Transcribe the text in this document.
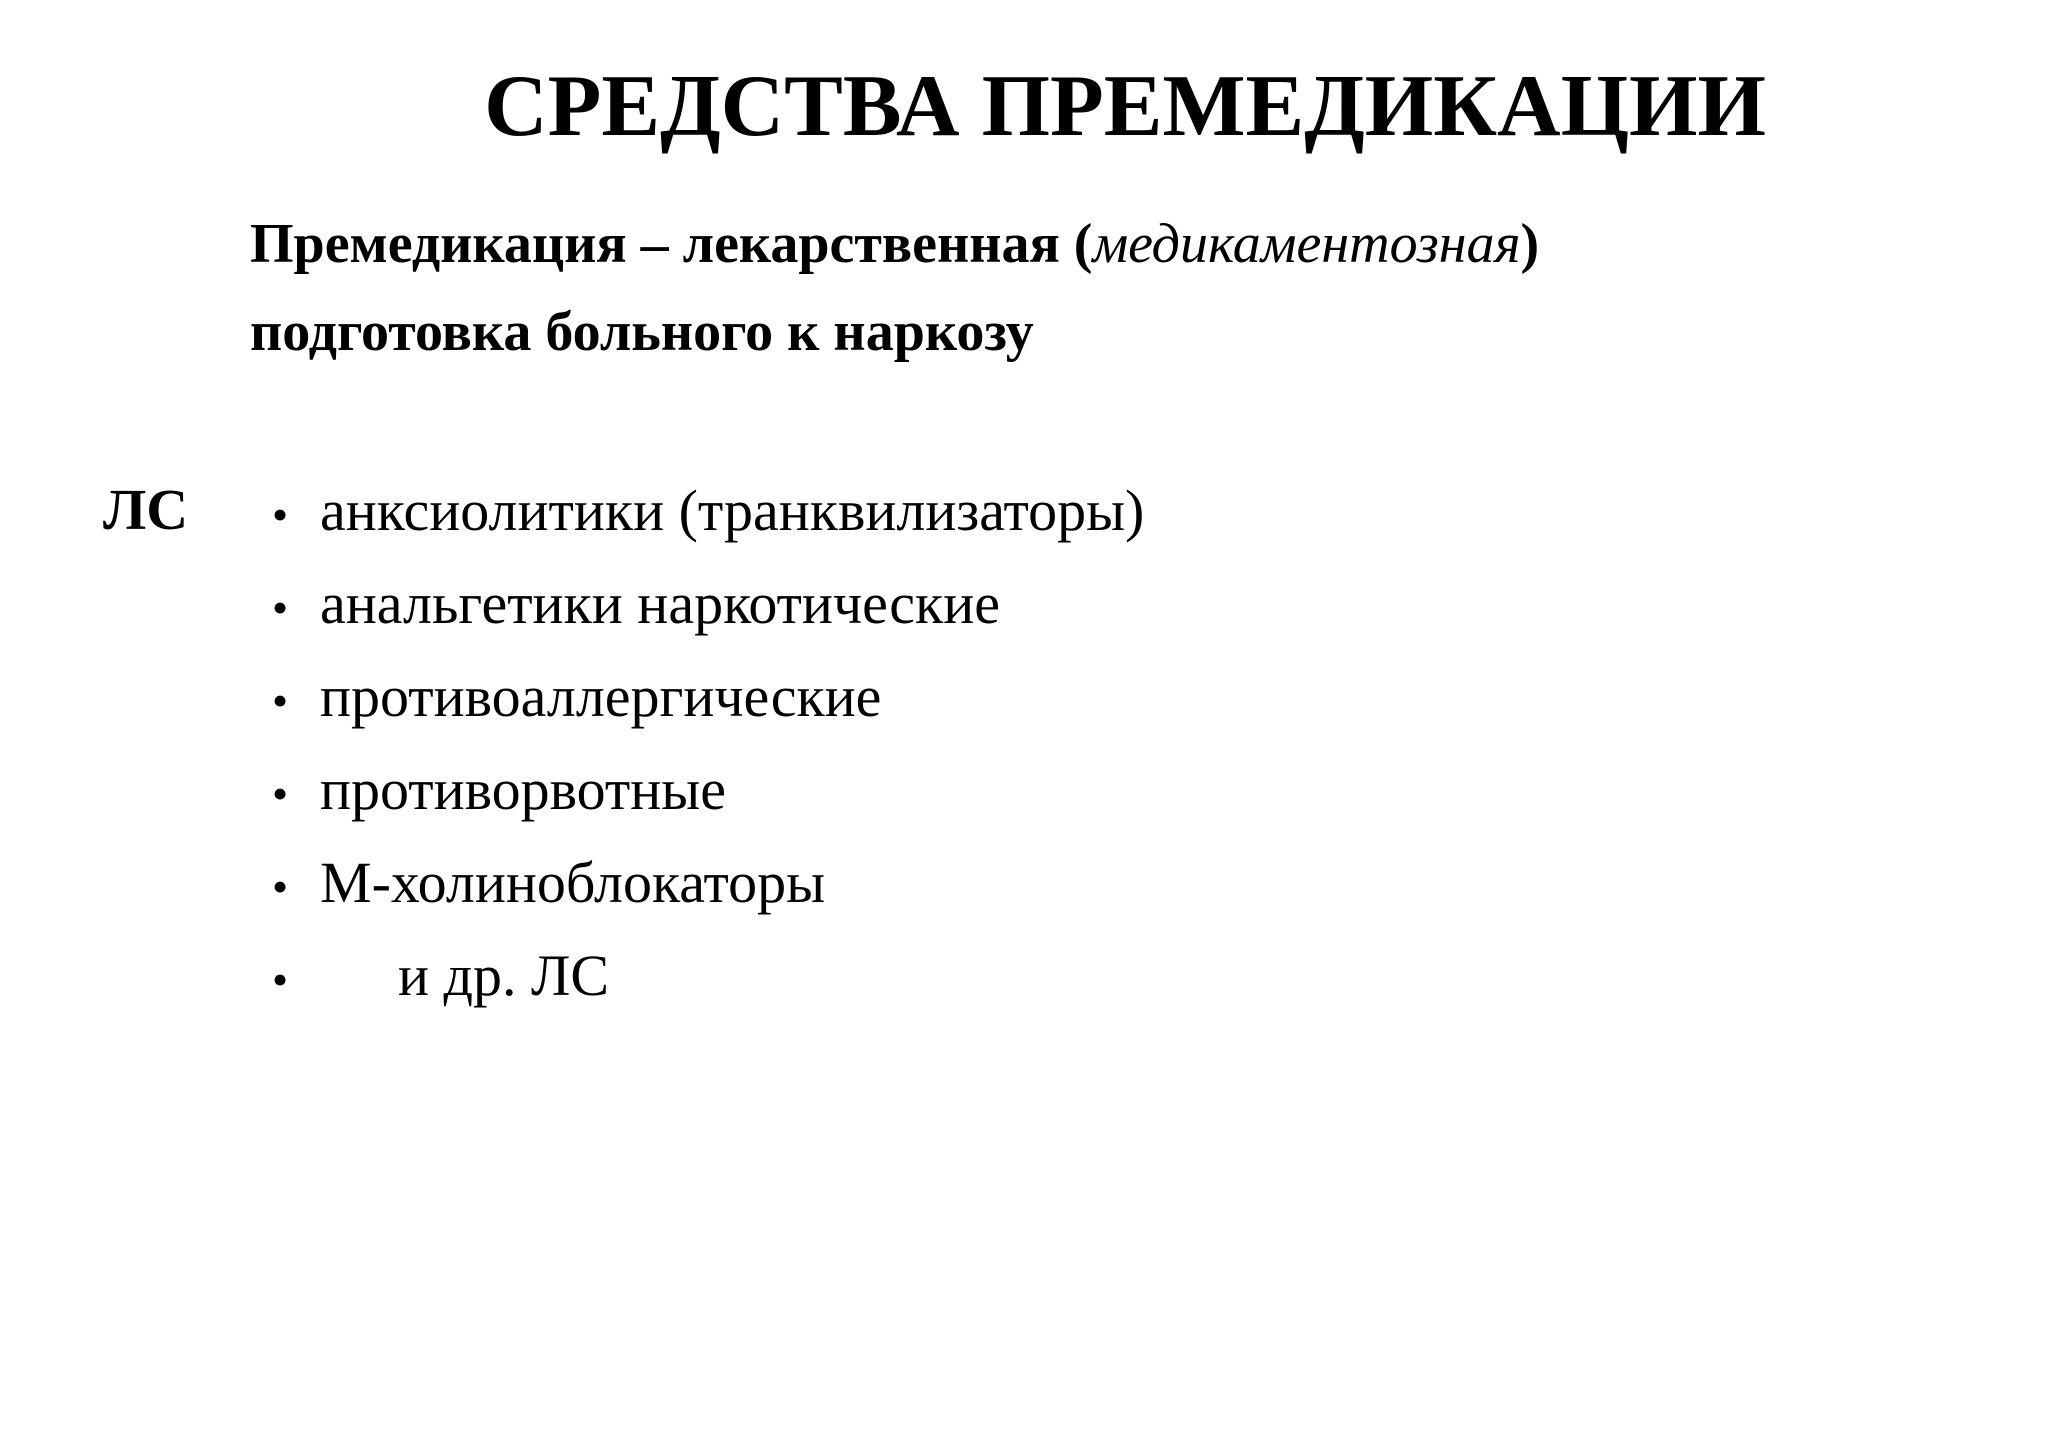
СРЕДСТВА ПРЕМЕДИКАЦИИ
Премедикация – лекарственная (медикаментозная)
подготовка больного к наркозу
ЛС	• анксиолитики (транквилизаторы)
• анальгетики наркотические
• противоаллергические
• противорвотные
• М-холиноблокаторы
•	и др. ЛС
